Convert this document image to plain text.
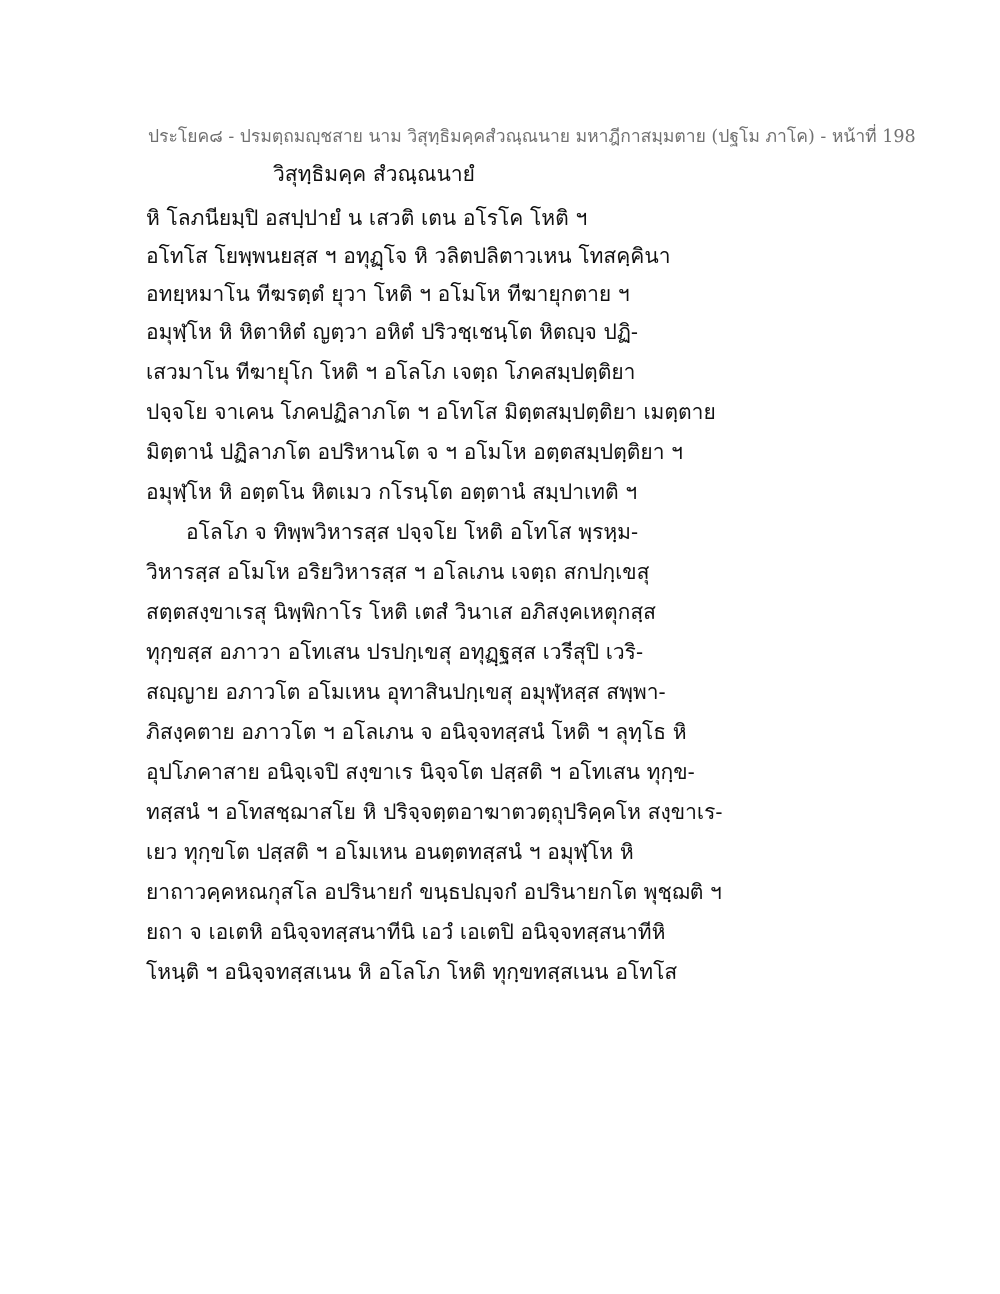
ประโยค๘ - ปรมตฺถมญฺชสาย นาม วิสุทฺธิมคฺคสํวณฺณนาย มหาฎีกาสมฺมตาย (ปฐโม ภาโค) - หน้าที่ 198
วิสุทฺธิมคฺค สํวณฺณนายํ
หิ โลภนียมฺปิ อสปฺปายํ น เสวติ เตน อโรโค โหติ ฯ
อโทโส โยพฺพนยสฺส ฯ อทุฏฺโจ หิ วลิตปลิตาวเหน โทสคฺคินา
อทยฺหมาโน ทีฆรตฺตํ ยุวา โหติ ฯ อโมโห ทีฆายุกตาย ฯ
อมุฬฺโห หิ หิตาหิตํ ญตฺวา อหิตํ ปริวชฺเชนฺโต หิตญฺจ ปฏิ-
เสวมาโน ทีฆายุโก โหติ ฯ อโลโภ เจตฺถ โภคสมฺปตฺติยา
ปจฺจโย จาเคน โภคปฏิลาภโต ฯ อโทโส มิตฺตสมฺปตฺติยา เมตฺตาย
มิตฺตานํ ปฏิลาภโต อปริหานโต จ ฯ อโมโห อตฺตสมฺปตฺติยา ฯ
อมุฬฺโห หิ อตฺตโน หิตเมว กโรนฺโต อตฺตานํ สมฺปาเทติ ฯ
อโลโภ จ ทิพฺพวิหารสฺส ปจฺจโย โหติ อโทโส พฺรหฺม-
วิหารสฺส อโมโห อริยวิหารสฺส ฯ อโลเภน เจตฺถ สกปกฺเขสุ
สตฺตสงฺขาเรสุ นิพฺพิกาโร โหติ เตสํ วินาเส อภิสงฺคเหตุกสฺส
ทุกฺขสฺส อภาวา อโทเสน ปรปกฺเขสุ อทุฏฺฐสฺส เวรีสุปิ เวริ-
สญฺญาย อภาวโต อโมเหน อุทาสินปกฺเขสุ อมุฬฺหสฺส สพฺพา-
ภิสงฺคตาย อภาวโต ฯ อโลเภน จ อนิจฺจทสฺสนํ โหติ ฯ ลุทฺโธ หิ
อุปโภคาสาย อนิจฺเจปิ สงฺขาเร นิจฺจโต ปสฺสติ ฯ อโทเสน ทุกฺข-
ทสฺสนํ ฯ อโทสชฺฌาสโย หิ ปริจฺจตฺตอาฆาตวตฺถุปริคฺคโห สงฺขาเร-
เยว ทุกฺขโต ปสฺสติ ฯ อโมเหน อนตฺตทสฺสนํ ฯ อมุฬฺโห หิ
ยาถาวคฺคหณกุสโล อปรินายกํ ขนฺธปญฺจกํ อปรินายกโต พุชฺฌติ ฯ
ยถา จ เอเตหิ อนิจฺจทสฺสนาทีนิ เอวํ เอเตปิ อนิจฺจทสฺสนาทีหิ
โหนฺติ ฯ อนิจฺจทสฺสเนน หิ อโลโภ โหติ ทุกฺขทสฺสเนน อโทโส
